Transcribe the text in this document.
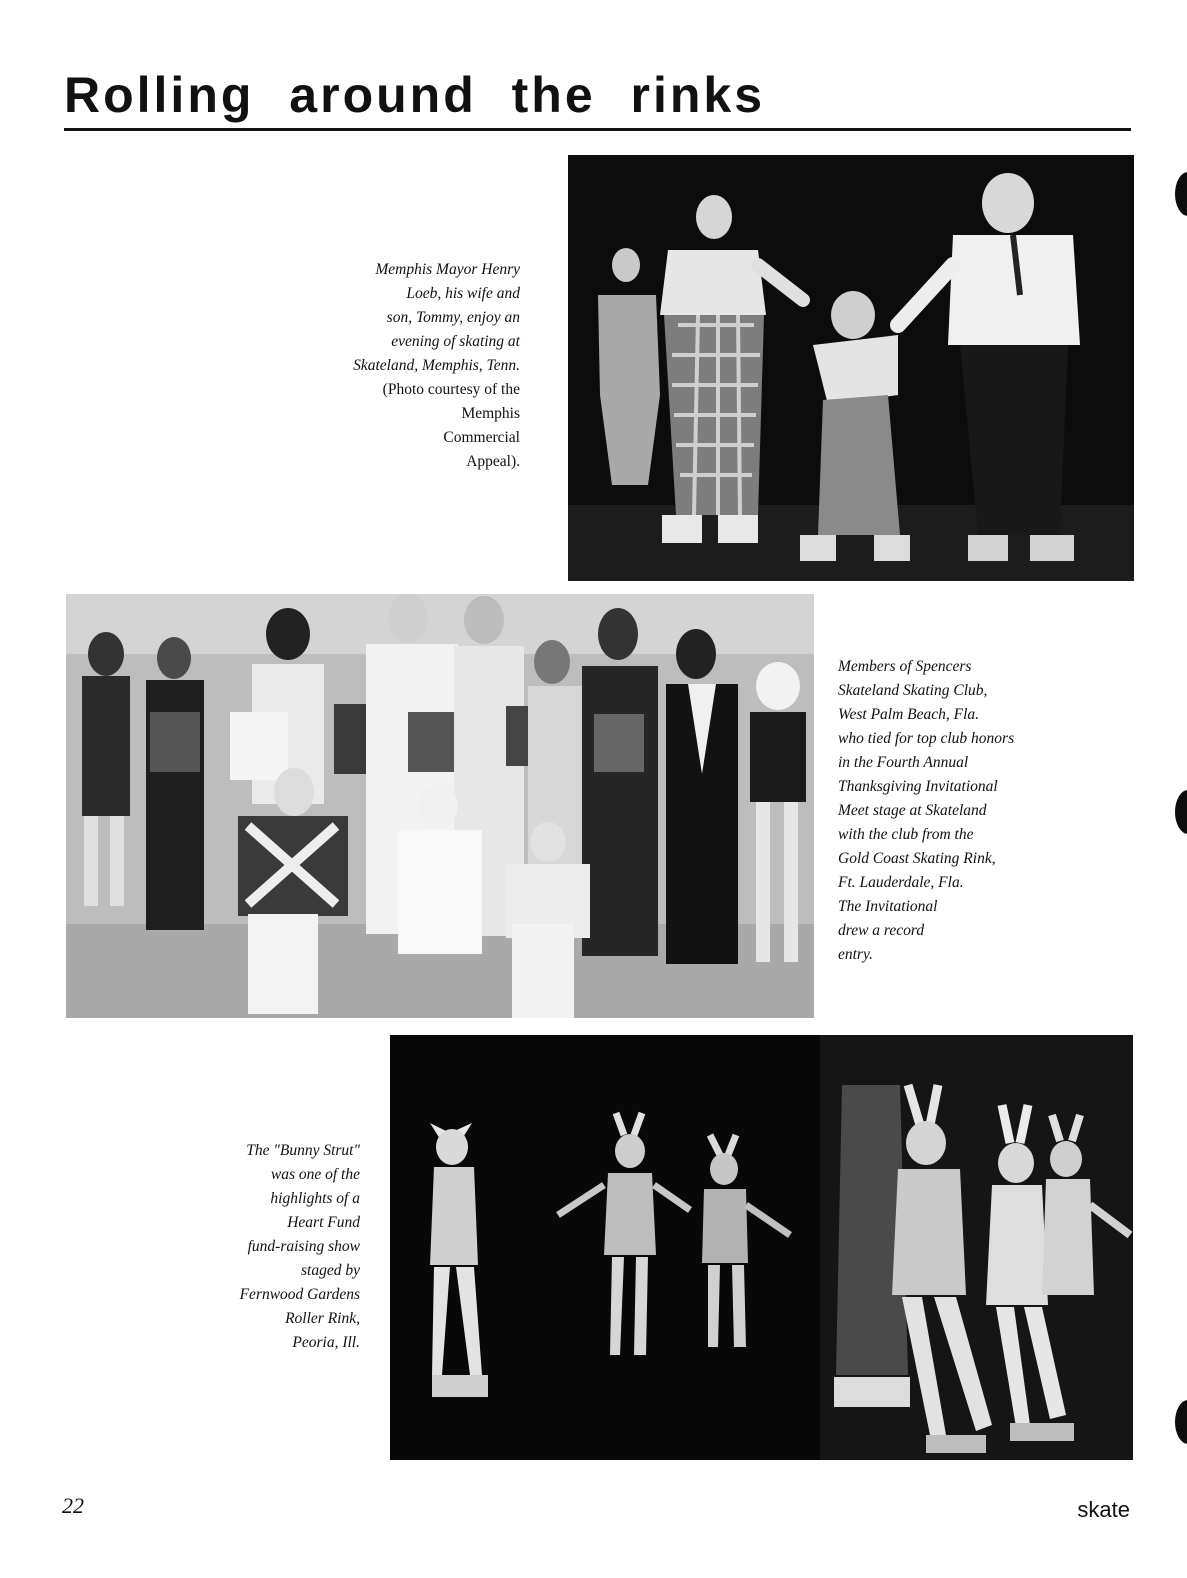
Rolling around the rinks
Memphis Mayor Henry
Loeb, his wife and
son, Tommy, enjoy an
evening of skating at
Skateland, Memphis, Tenn.
(Photo courtesy of the
Memphis
Commercial
Appeal).
Members of Spencers
Skateland Skating Club,
West Palm Beach, Fla.
who tied for top club honors
in the Fourth Annual
Thanksgiving Invitational
Meet stage at Skateland
with the club from the
Gold Coast Skating Rink,
Ft. Lauderdale, Fla.
The Invitational
drew a record
entry.
The "Bunny Strut"
was one of the
highlights of a
Heart Fund
fund-raising show
staged by
Fernwood Gardens
Roller Rink,
Peoria, Ill.
22	skate
